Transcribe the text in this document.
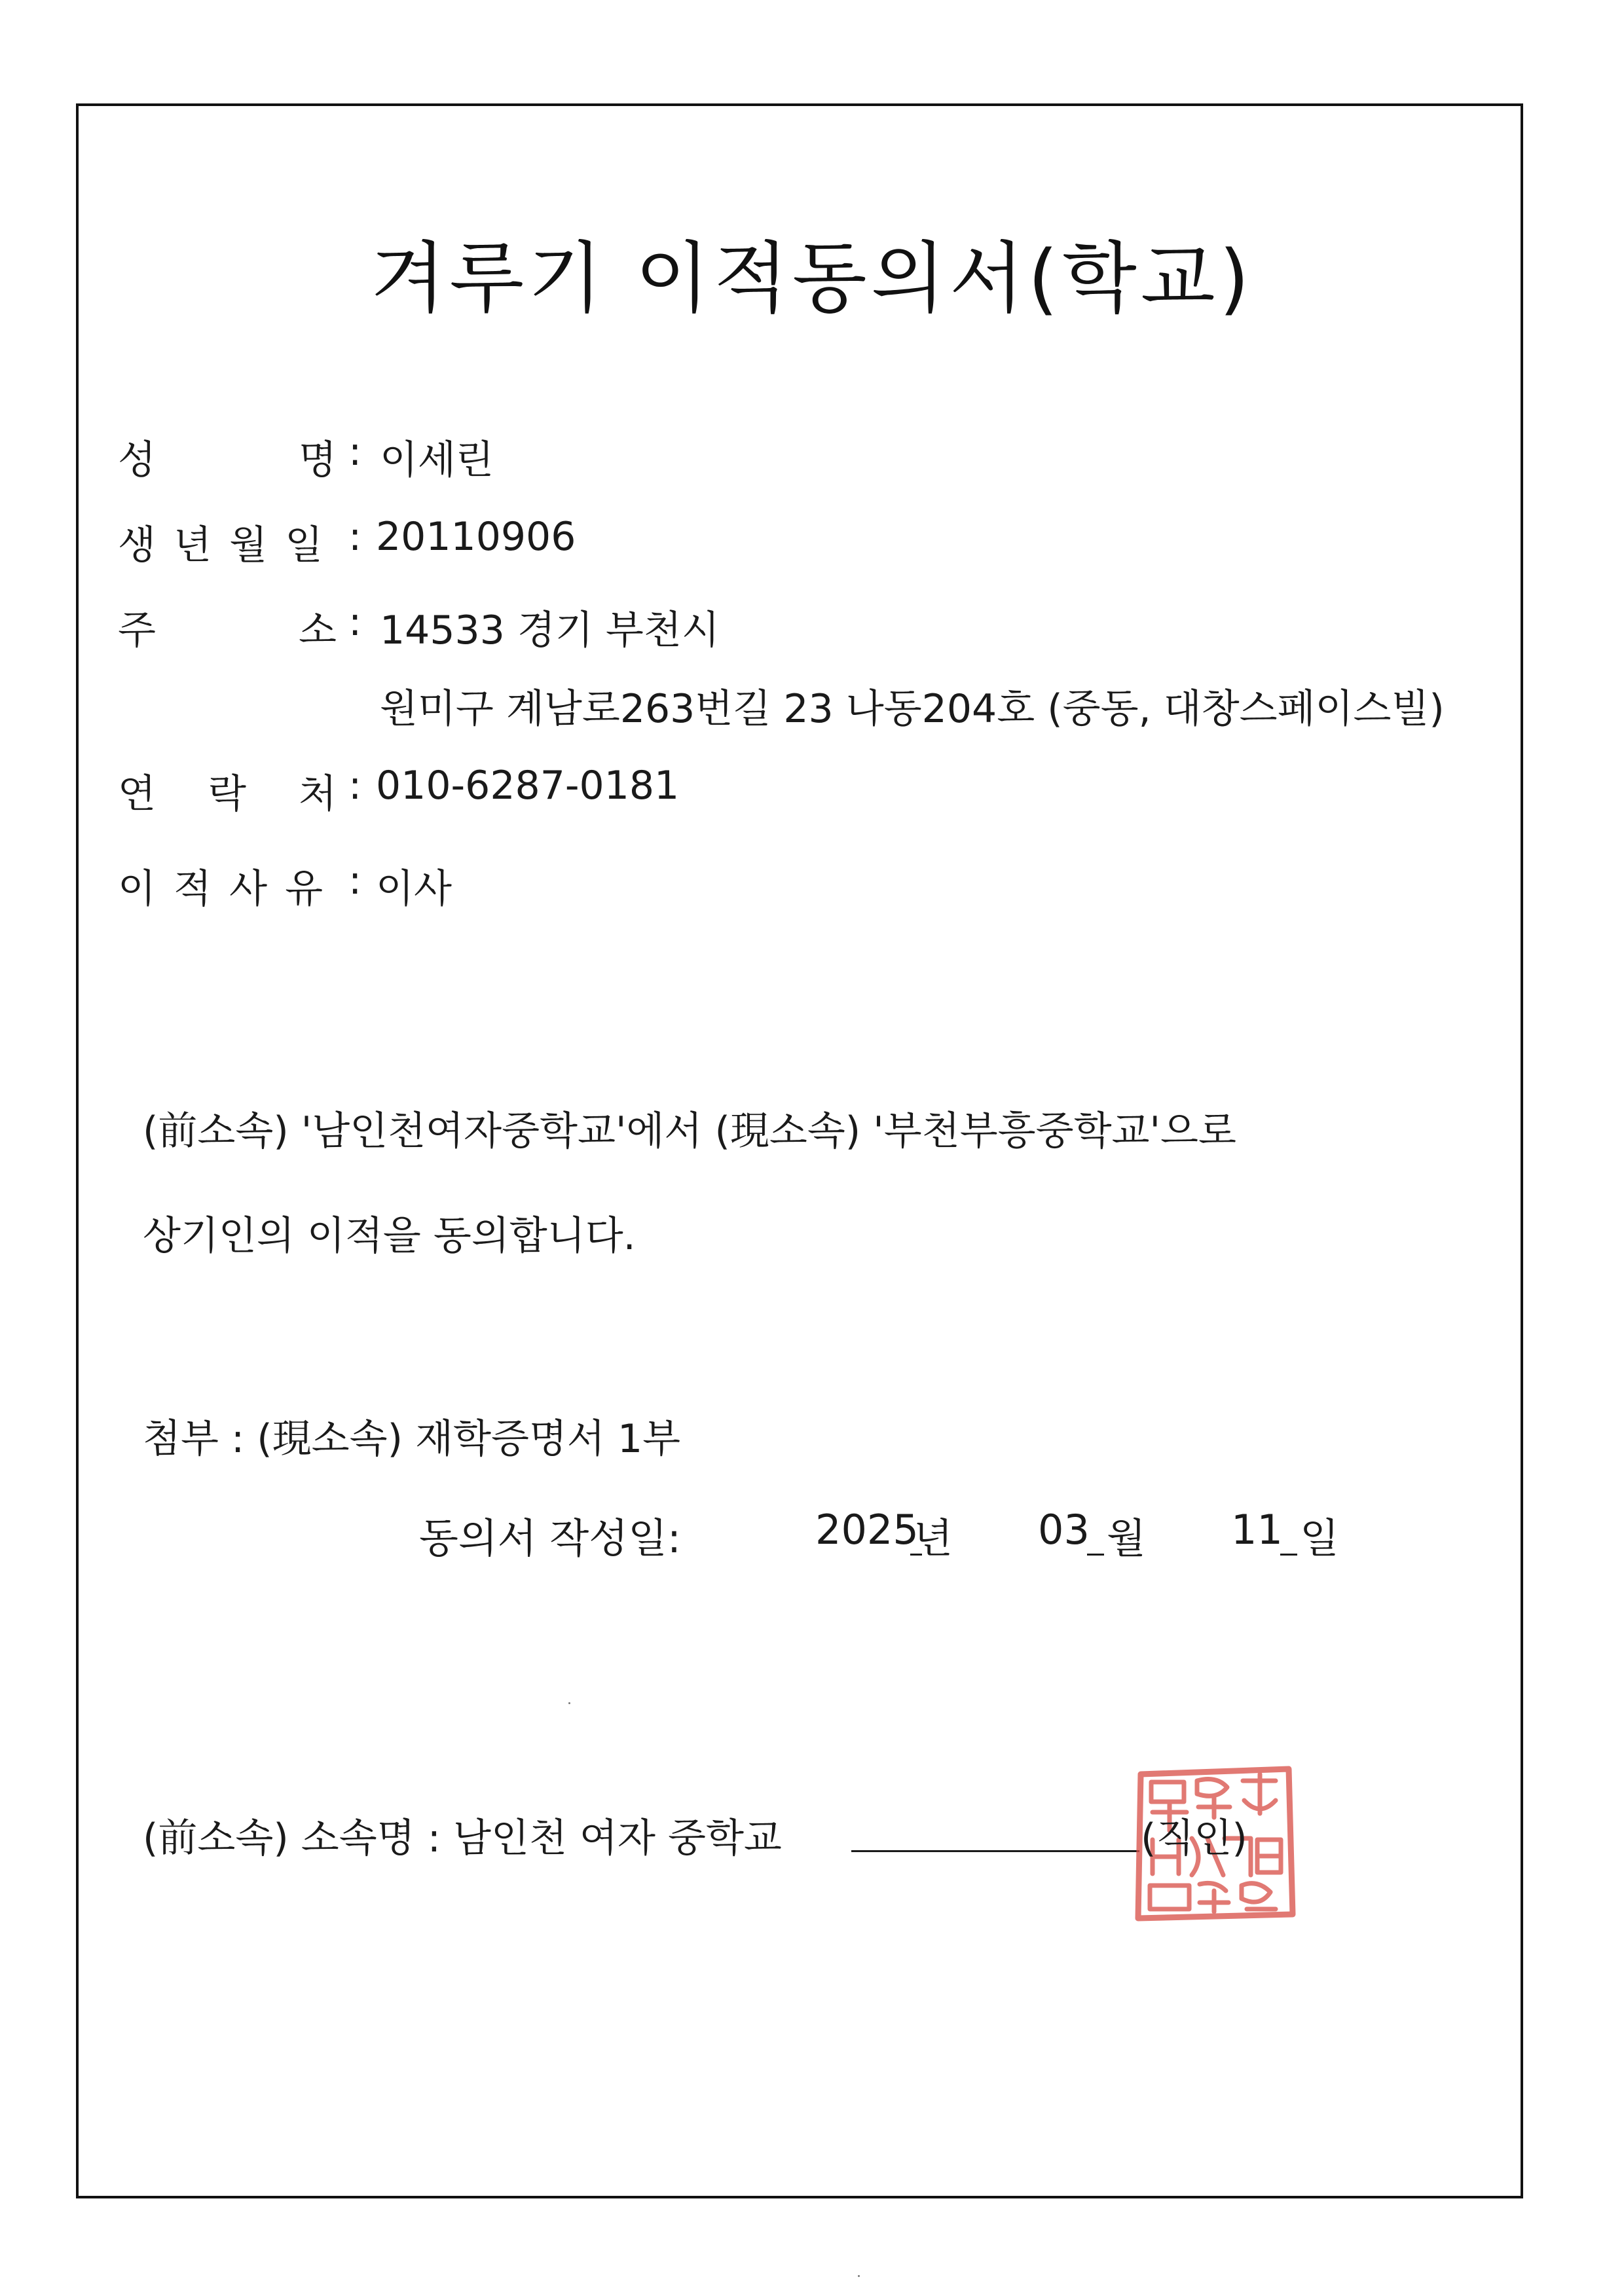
겨루기 이적동의서(학교)
성	명 : 이세린
생 년 월 일 : 20110906
주	소 : 14533 경기 부천시
원미구 계남로263번길 23 나동204호 (중동, 대창스페이스빌)
연 락 처 : 010-6287-0181
이 적 사 유 : 이사
(前소속) '남인천여자중학교'에서 (現소속) '부천부흥중학교'으로
상기인의 이적을 동의합니다.
첨부 : (現소속) 재학증명서 1부
동의서 작성일:	2025
년 03 월 11 일
(前소속) 소속명 : 남인천 여자 중학교	(직인)
